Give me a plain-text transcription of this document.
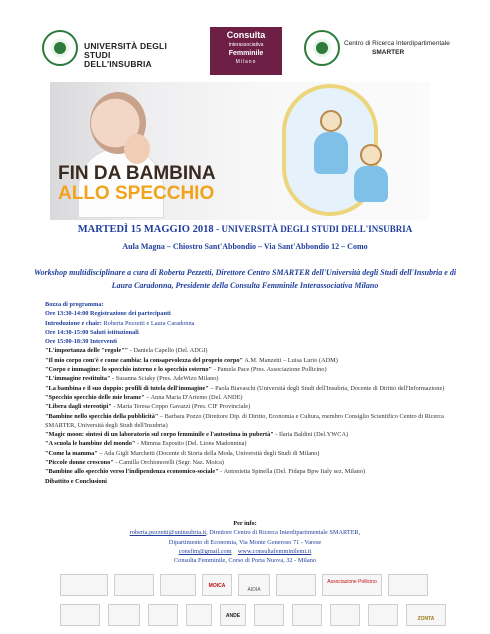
UNIVERSITÀ DEGLI STUDI
DELL'INSUBRIA
Consulta
Interassociativa
Femminile
Milano
Centro di Ricerca Interdipartimentale
SMARTER
FIN DA BAMBINA
ALLO SPECCHIO
MARTEDÌ 15 MAGGIO 2018 - UNIVERSITÀ DEGLI STUDI DELL'INSUBRIA
Aula Magna – Chiostro Sant'Abbondio – Via Sant'Abbondio 12 – Como
Workshop multidisciplinare a cura di Roberta Pezzetti, Direttore Centro SMARTER dell'Università degli Studi dell'Insubria e di Laura Caradonna, Presidente della Consulta Femminile Interassociativa Milano
Bozza di programma:
Ore 13:30-14:00 Registrazione dei partecipanti
Introduzione e chair: Roberta Pezzetti e Laura Caradonna
Ore 14:30-15:00 Saluti istituzionali
Ore 15:00-18:30 Interventi
"L'importanza delle "regole"" - Daniela Capello (Del. ADGI)
"Il mio corpo com'è e come cambia: la consapevolezza del proprio corpo" A.M. Manzetti – Luisa Lurio (ADM)
"Corpo e immagine: lo specchio interno e lo specchio esterno" - Pamela Pace (Pres. Associazione Pollicino)
"L'immagine restituita" - Susanna Sciaky (Pres. AdeWizo Milano)
"La bambina e il suo doppio: profili di tutela dell'immagine" – Paola Biavaschi (Università degli Studi dell'Insubria, Docente di Diritto dell'Informazione)
"Specchio specchio delle mie brame" – Anna Maria D'Ariemo (Del. ANDE)
"Libera dagli stereotipi" - Maria Teresa Coppo Gavazzi (Pres. CIF Provinciale)
"Bambine nello specchio della pubblicità" – Barbara Pozzo (Direttore Dip. di Diritto, Economia e Cultura, membro Consiglio Scientifico Centro di Ricerca SMARTER, Università degli Studi dell'Insubria)
"Magic moon: sintesi di un laboratorio sul corpo femminile e l'autostima in pubertà" - Ilaria Baldini (Del.YWCA)
"A scuola le bambine del mondo" - Mimma Esposito (Del. Lions Madonnina)
"Come la mamma" – Ada Gigli Marchetti (Docente di Storia della Moda, Università degli Studi di Milano)
"Piccole donne crescono" - Camilla Orchionorelli (Segr. Naz. Moica)
"Bambine allo specchio verso l'indipendenza economico-sociale" - Antonietta Spinella (Del. Fidapa Bpw Italy sez. Milano)
Dibattito e Conclusioni
Per info:
roberta.pezzetti@uninsubria.it, Direttore Centro di Ricerca Interdipartimentale SMARTER,
Dipartimento di Economia, Via Monte Generoso 71 - Varese
consfim@gmail.com www.consultafemminilemi.it
Consulta Femminile, Corso di Porta Nuova, 32 - Milano
MOICA
AIDIA
Associazione Pollicino
ANDE	ZONTA
